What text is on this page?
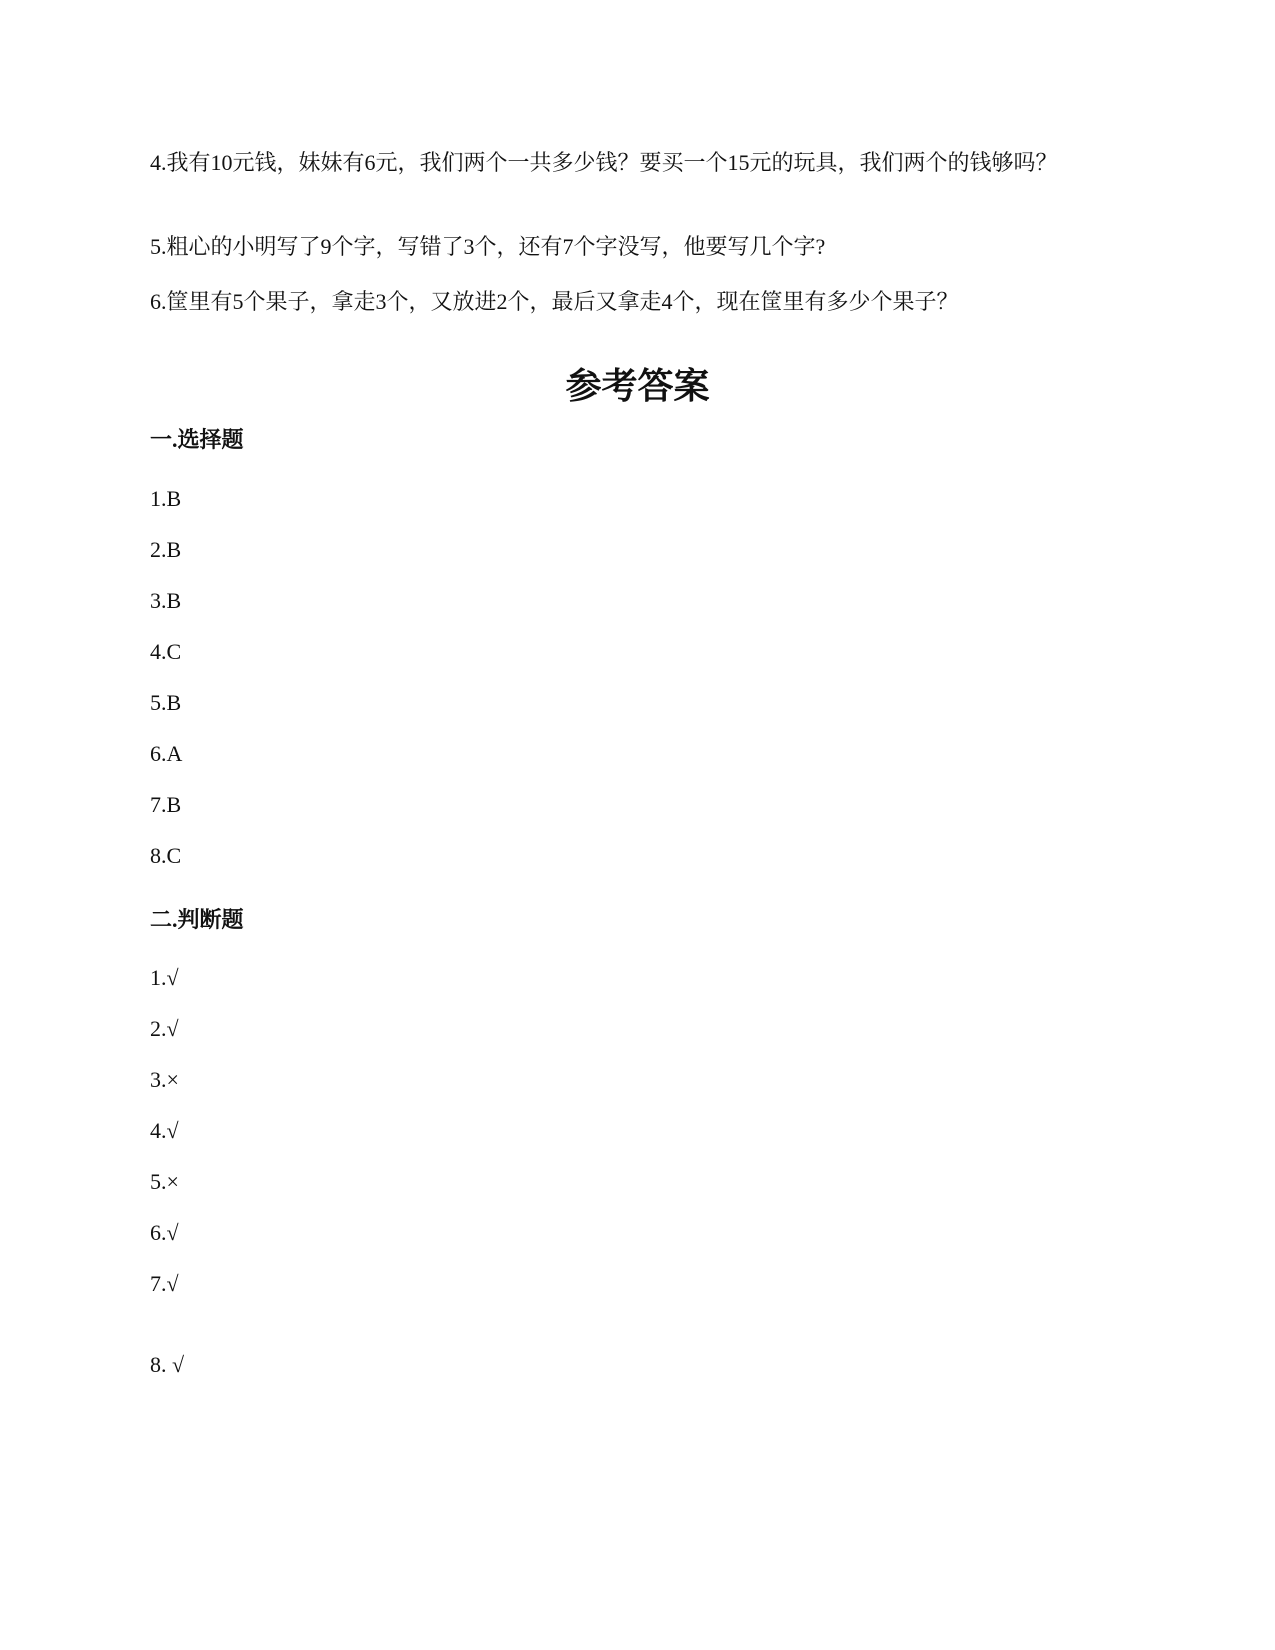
4.我有10元钱，妹妹有6元，我们两个一共多少钱？要买一个15元的玩具，我们两个的钱够吗？

5.粗心的小明写了9个字，写错了3个，还有7个字没写，他要写几个字?

6.筐里有5个果子，拿走3个，又放进2个，最后又拿走4个，现在筐里有多少个果子？

参考答案
一.选择题

1.B

2.B

3.B

4.C

5.B

6.A

7.B

8.C

二.判断题

1.√

2.√

3.×

4.√

5.×

6.√

7.√

8. √
